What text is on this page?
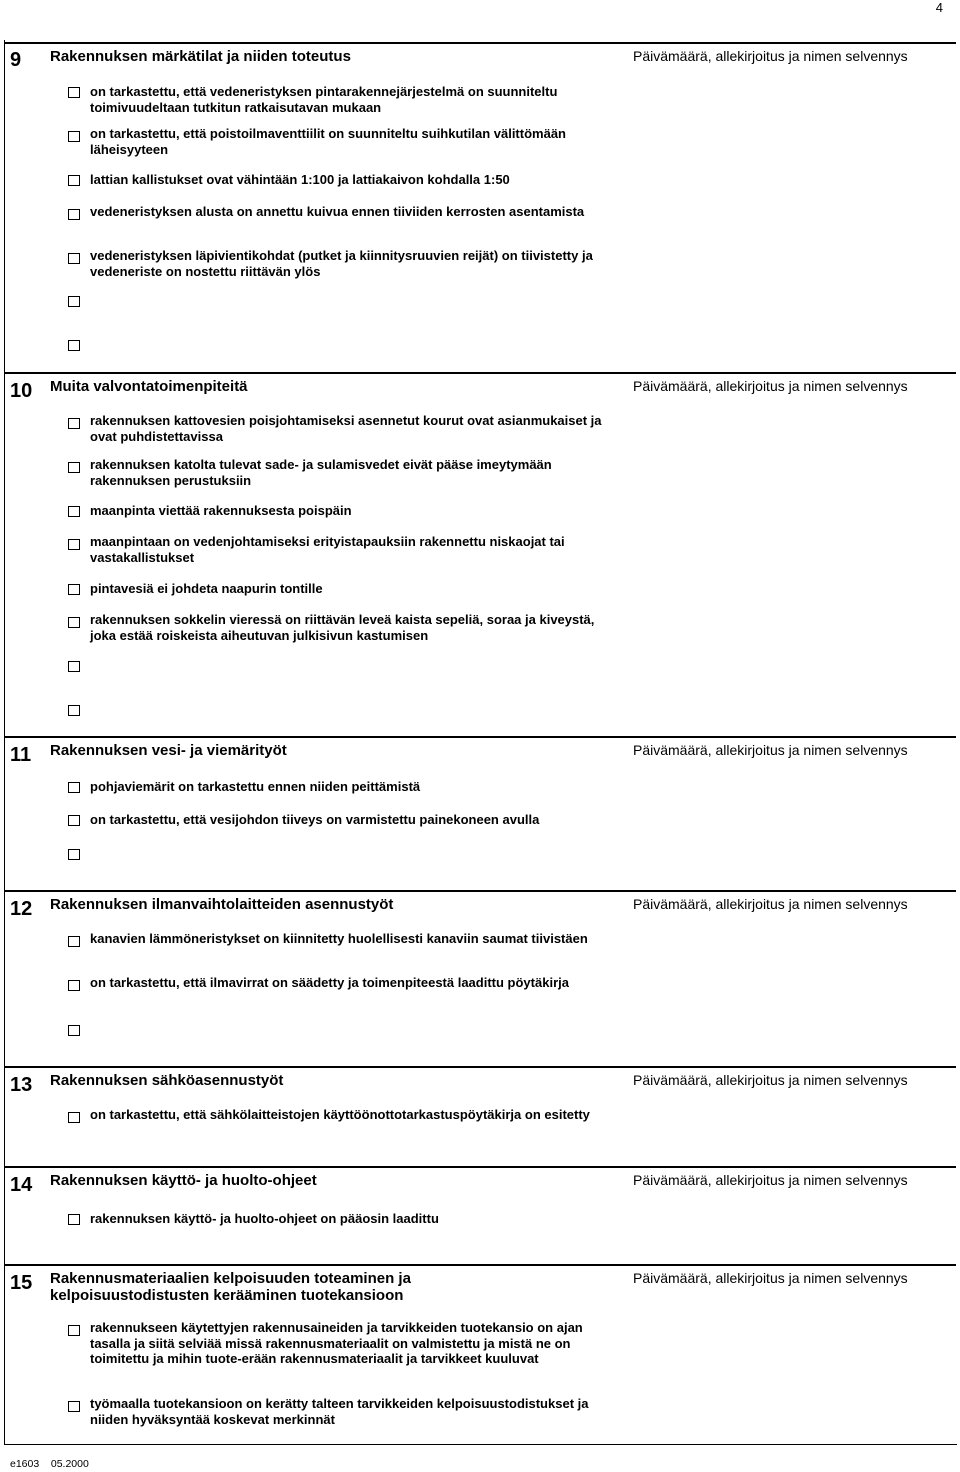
4
9 Rakennuksen märkätilat ja niiden toteutus	Päivämäärä, allekirjoitus ja nimen selvennys
on tarkastettu, että vedeneristyksen pintarakennejärjestelmä on suunniteltu toimivuudeltaan tutkitun ratkaisutavan mukaan
on tarkastettu, että poistoilmaventtiilit on suunniteltu suihkutilan välittömään läheisyyteen
lattian kallistukset ovat vähintään 1:100 ja lattiakaivon kohdalla 1:50
vedeneristyksen alusta on annettu kuivua ennen tiiviiden kerrosten asentamista
vedeneristyksen läpivientikohdat (putket ja kiinnitysruuvien reijät) on tiivistetty ja vedeneriste on nostettu riittävän ylös
10 Muita valvontatoimenpiteitä	Päivämäärä, allekirjoitus ja nimen selvennys
rakennuksen kattovesien poisjohtamiseksi asennetut kourut ovat asianmukaiset ja ovat puhdistettavissa
rakennuksen katolta tulevat sade- ja sulamisvedet eivät pääse imeytymään rakennuksen perustuksiin
maanpinta viettää rakennuksesta poispäin
maanpintaan on vedenjohtamiseksi erityistapauksiin rakennettu niskaojat tai vastakallistukset
pintavesiä ei johdeta naapurin tontille
rakennuksen sokkelin vieressä on riittävän leveä kaista sepeliä, soraa ja kiveystä, joka estää roiskeista aiheutuvan julkisivun kastumisen
11 Rakennuksen vesi- ja viemärityöt	Päivämäärä, allekirjoitus ja nimen selvennys
pohjaviemärit on tarkastettu ennen niiden peittämistä
on tarkastettu, että vesijohdon tiiveys on varmistettu painekoneen avulla
12 Rakennuksen ilmanvaihtolaitteiden asennustyöt	Päivämäärä, allekirjoitus ja nimen selvennys
kanavien lämmöneristykset on kiinnitetty huolellisesti kanaviin saumat tiivistäen
on tarkastettu, että ilmavirrat on säädetty ja toimenpiteestä laadittu pöytäkirja
13 Rakennuksen sähköasennustyöt	Päivämäärä, allekirjoitus ja nimen selvennys
on tarkastettu, että sähkölaitteistojen käyttöönottotarkastuspöytäkirja on esitetty
14 Rakennuksen käyttö- ja huolto-ohjeet	Päivämäärä, allekirjoitus ja nimen selvennys
rakennuksen käyttö- ja huolto-ohjeet on pääosin laadittu
15 Rakennusmateriaalien kelpoisuuden toteaminen ja kelpoisuustodistusten kerääminen tuotekansioon
Päivämäärä, allekirjoitus ja nimen selvennys
rakennukseen käytettyjen rakennusaineiden ja tarvikkeiden tuotekansio on ajan tasalla ja siitä selviää missä rakennusmateriaalit on valmistettu ja mistä ne on toimitettu ja mihin tuote-erään rakennusmateriaalit ja tarvikkeet kuuluvat
työmaalla tuotekansioon on kerätty talteen tarvikkeiden kelpoisuustodistukset ja niiden hyväksyntää koskevat merkinnät
e1603 05.2000
